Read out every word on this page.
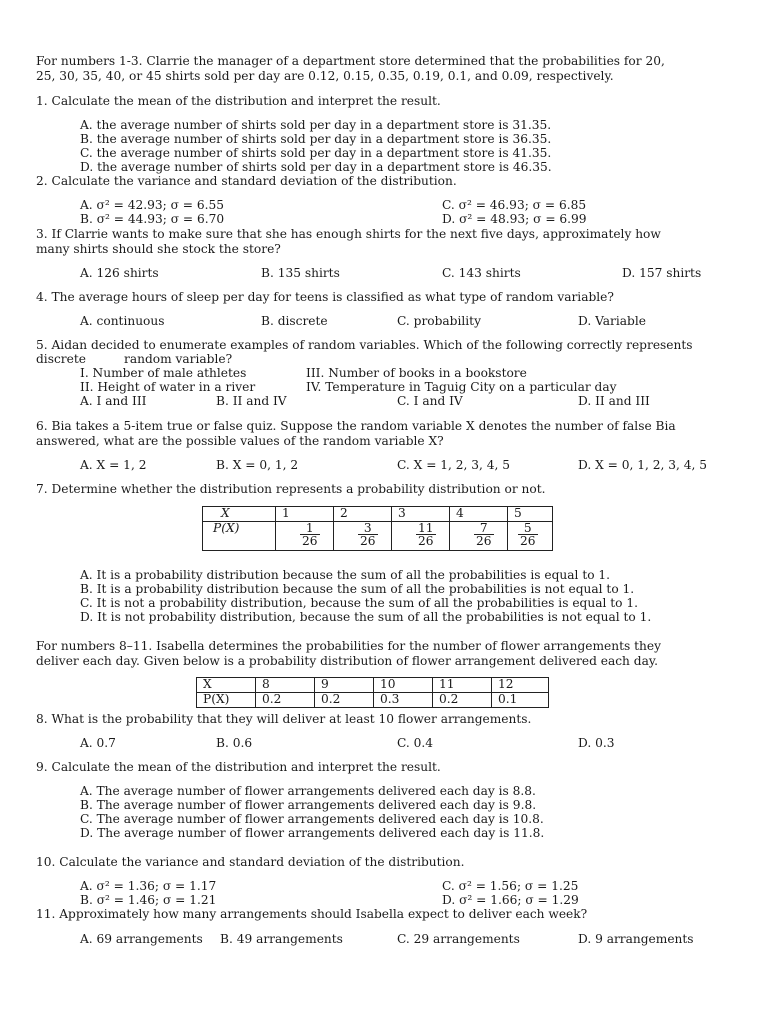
For numbers 1-3. Clarrie the manager of a department store determined that the probabilities for 20,
25, 30, 35, 40, or 45 shirts sold per day are 0.12, 0.15, 0.35, 0.19, 0.1, and 0.09, respectively.
1. Calculate the mean of the distribution and interpret the result.
A. the average number of shirts sold per day in a department store is 31.35.
B. the average number of shirts sold per day in a department store is 36.35.
C. the average number of shirts sold per day in a department store is 41.35.
D. the average number of shirts sold per day in a department store is 46.35.
2. Calculate the variance and standard deviation of the distribution.
A. σ² = 42.93; σ = 6.55
B. σ² = 44.93; σ = 6.70
C. σ² = 46.93; σ = 6.85
D. σ² = 48.93; σ = 6.99
3. If Clarrie wants to make sure that she has enough shirts for the next five days, approximately how
many shirts should she stock the store?
A. 126 shirts	B. 135 shirts	C. 143 shirts	D. 157 shirts
4. The average hours of sleep per day for teens is classified as what type of random variable?
A. continuous	B. discrete	C. probability	D. Variable
5. Aidan decided to enumerate examples of random variables. Which of the following correctly represents
discrete	random variable?
I. Number of male athletes	III. Number of books in a bookstore
II. Height of water in a river	IV. Temperature in Taguig City on a particular day
A. I and III	B. II and IV	C. I and IV	D. II and III
6. Bia takes a 5-item true or false quiz. Suppose the random variable X denotes the number of false Bia
answered, what are the possible values of the random variable X?
A. X = 1, 2	B. X = 0, 1, 2	C. X = 1, 2, 3, 4, 5	D. X = 0, 1, 2, 3, 4, 5
7. Determine whether the distribution represents a probability distribution or not.
X	1	2	3	4	5
P(X)	$\frac{1}{26}$	$\frac{3}{26}$	$\frac{11}{26}$	$\frac{7}{26}$	$\frac{5}{26}$
A. It is a probability distribution because the sum of all the probabilities is equal to 1.
B. It is a probability distribution because the sum of all the probabilities is not equal to 1.
C. It is not a probability distribution, because the sum of all the probabilities is equal to 1.
D. It is not probability distribution, because the sum of all the probabilities is not equal to 1.
For numbers 8–11. Isabella determines the probabilities for the number of flower arrangements they
deliver each day. Given below is a probability distribution of flower arrangement delivered each day.
X	8	9	10	11	12
P(X)	0.2	0.2	0.3	0.2	0.1
8. What is the probability that they will deliver at least 10 flower arrangements.
A. 0.7	B. 0.6	C. 0.4	D. 0.3
9. Calculate the mean of the distribution and interpret the result.
A. The average number of flower arrangements delivered each day is 8.8.
B. The average number of flower arrangements delivered each day is 9.8.
C. The average number of flower arrangements delivered each day is 10.8.
D. The average number of flower arrangements delivered each day is 11.8.
10. Calculate the variance and standard deviation of the distribution.
A. σ² = 1.36; σ = 1.17
B. σ² = 1.46; σ = 1.21
C. σ² = 1.56; σ = 1.25
D. σ² = 1.66; σ = 1.29
11. Approximately how many arrangements should Isabella expect to deliver each week?
A. 69 arrangements B. 49 arrangements	C. 29 arrangements	D. 9 arrangements
